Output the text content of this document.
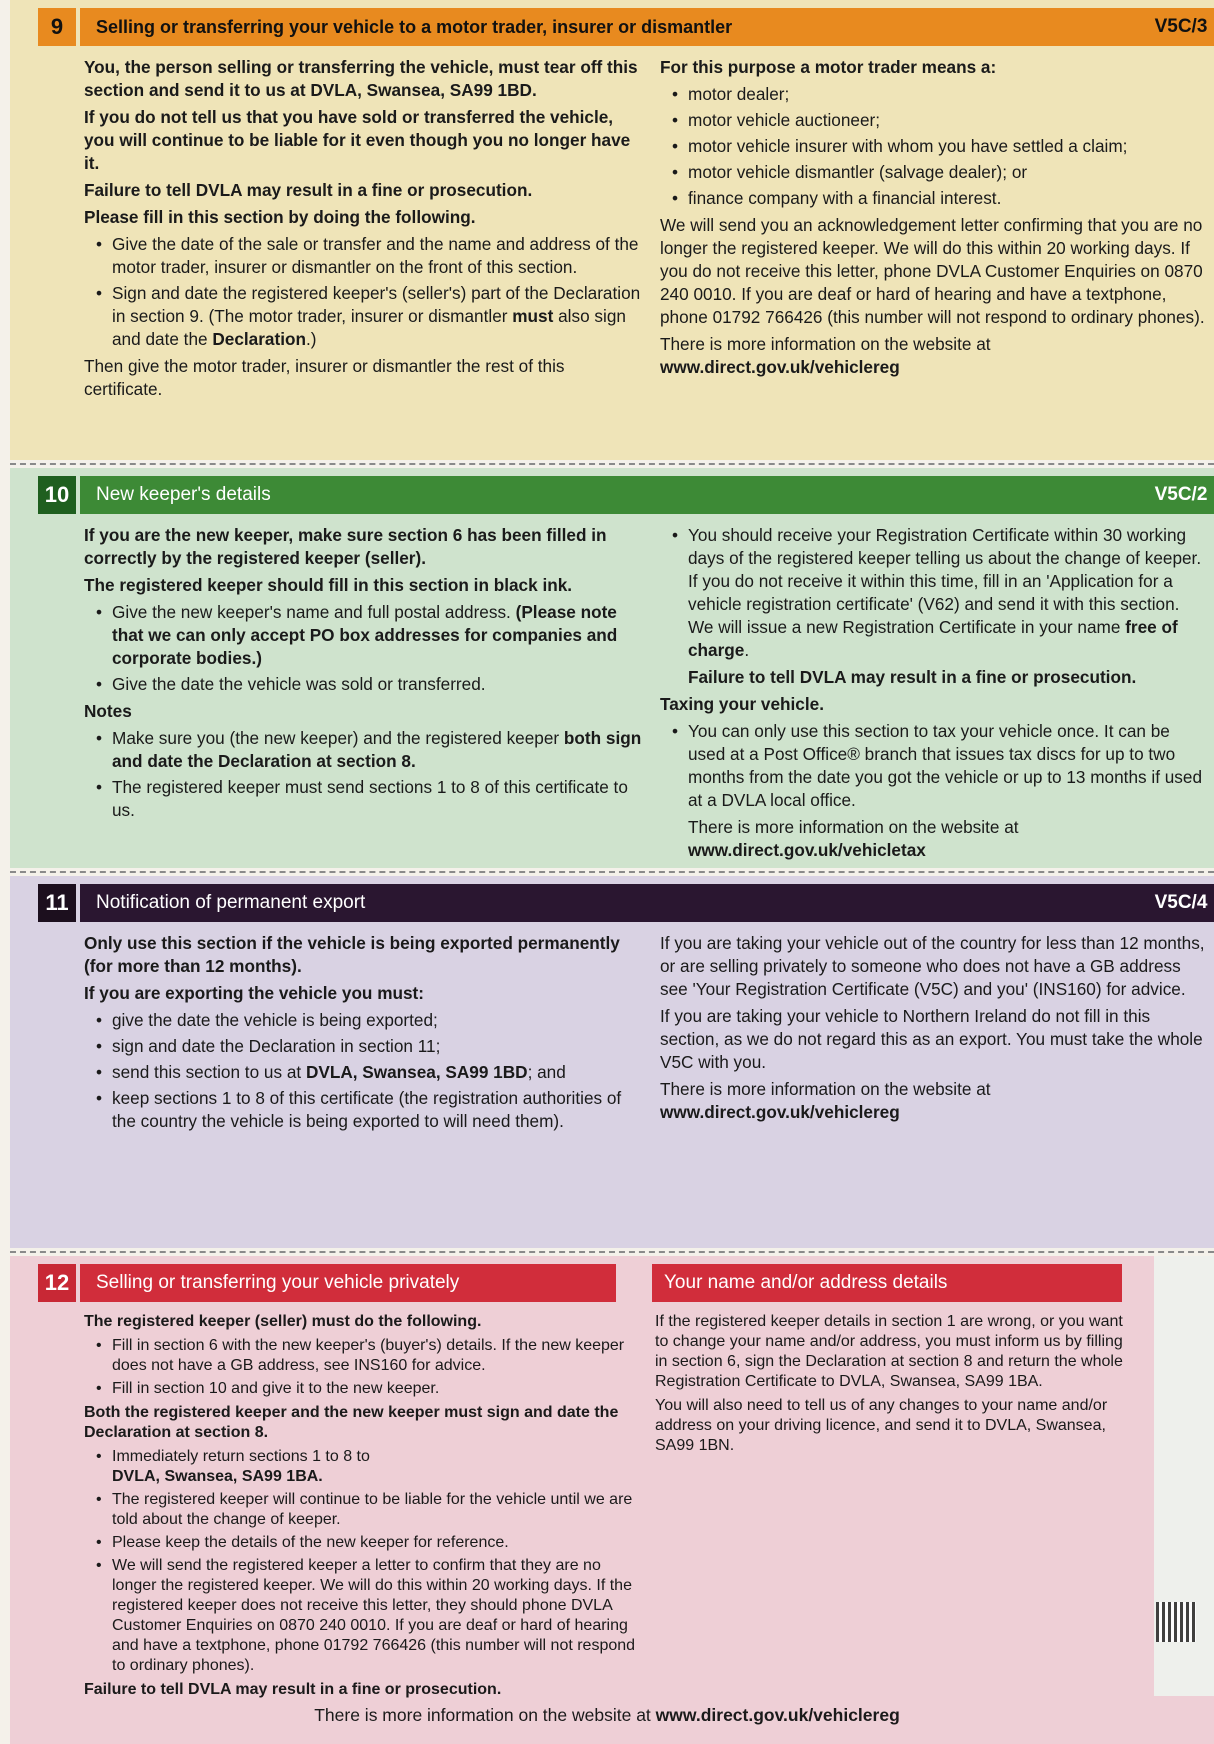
9	Selling or transferring your vehicle to a motor trader, insurer or dismantler	V5C/3

You, the person selling or transferring the vehicle, must tear off this section and send it to us at DVLA, Swansea, SA99 1BD.

If you do not tell us that you have sold or transferred the vehicle, you will continue to be liable for it even though you no longer have it.

Failure to tell DVLA may result in a fine or prosecution.

Please fill in this section by doing the following.

• Give the date of the sale or transfer and the name and address of the motor trader, insurer or dismantler on the front of this section.
• Sign and date the registered keeper's (seller's) part of the Declaration in section 9. (The motor trader, insurer or dismantler must also sign and date the Declaration.)

Then give the motor trader, insurer or dismantler the rest of this certificate.

For this purpose a motor trader means a:

• motor dealer;
• motor vehicle auctioneer;
• motor vehicle insurer with whom you have settled a claim;
• motor vehicle dismantler (salvage dealer); or
• finance company with a financial interest.

We will send you an acknowledgement letter confirming that you are no longer the registered keeper. We will do this within 20 working days. If you do not receive this letter, phone DVLA Customer Enquiries on 0870 240 0010. If you are deaf or hard of hearing and have a textphone, phone 01792 766426 (this number will not respond to ordinary phones).

There is more information on the website at
www.direct.gov.uk/vehiclereg

10	New keeper's details	V5C/2

If you are the new keeper, make sure section 6 has been filled in correctly by the registered keeper (seller).

The registered keeper should fill in this section in black ink.

• Give the new keeper's name and full postal address. (Please note that we can only accept PO box addresses for companies and corporate bodies.)
• Give the date the vehicle was sold or transferred.

Notes

• Make sure you (the new keeper) and the registered keeper both sign and date the Declaration at section 8.
• The registered keeper must send sections 1 to 8 of this certificate to us.
• You should receive your Registration Certificate within 30 working days of the registered keeper telling us about the change of keeper. If you do not receive it within this time, fill in an 'Application for a vehicle registration certificate' (V62) and send it with this section. We will issue a new Registration Certificate in your name free of charge.

Failure to tell DVLA may result in a fine or prosecution.

Taxing your vehicle.

• You can only use this section to tax your vehicle once. It can be used at a Post Office® branch that issues tax discs for up to two months from the date you got the vehicle or up to 13 months if used at a DVLA local office.

There is more information on the website at
www.direct.gov.uk/vehicletax

11	Notification of permanent export	V5C/4

Only use this section if the vehicle is being exported permanently (for more than 12 months).

If you are exporting the vehicle you must:

• give the date the vehicle is being exported;
• sign and date the Declaration in section 11;
• send this section to us at DVLA, Swansea, SA99 1BD; and
• keep sections 1 to 8 of this certificate (the registration authorities of the country the vehicle is being exported to will need them).

If you are taking your vehicle out of the country for less than 12 months, or are selling privately to someone who does not have a GB address see 'Your Registration Certificate (V5C) and you' (INS160) for advice.

If you are taking your vehicle to Northern Ireland do not fill in this section, as we do not regard this as an export. You must take the whole V5C with you.

There is more information on the website at
www.direct.gov.uk/vehiclereg

12	Selling or transferring your vehicle privately	Your name and/or address details

The registered keeper (seller) must do the following.

• Fill in section 6 with the new keeper's (buyer's) details. If the new keeper does not have a GB address, see INS160 for advice.
• Fill in section 10 and give it to the new keeper.

Both the registered keeper and the new keeper must sign and date the Declaration at section 8.

• Immediately return sections 1 to 8 to
DVLA, Swansea, SA99 1BA.
• The registered keeper will continue to be liable for the vehicle until we are told about the change of keeper.
• Please keep the details of the new keeper for reference.
• We will send the registered keeper a letter to confirm that they are no longer the registered keeper. We will do this within 20 working days. If the registered keeper does not receive this letter, they should phone DVLA Customer Enquiries on 0870 240 0010. If you are deaf or hard of hearing and have a textphone, phone 01792 766426 (this number will not respond to ordinary phones).

Failure to tell DVLA may result in a fine or prosecution.

If the registered keeper details in section 1 are wrong, or you want to change your name and/or address, you must inform us by filling in section 6, sign the Declaration at section 8 and return the whole Registration Certificate to DVLA, Swansea, SA99 1BA.

You will also need to tell us of any changes to your name and/or address on your driving licence, and send it to DVLA, Swansea, SA99 1BN.

There is more information on the website at www.direct.gov.uk/vehiclereg
